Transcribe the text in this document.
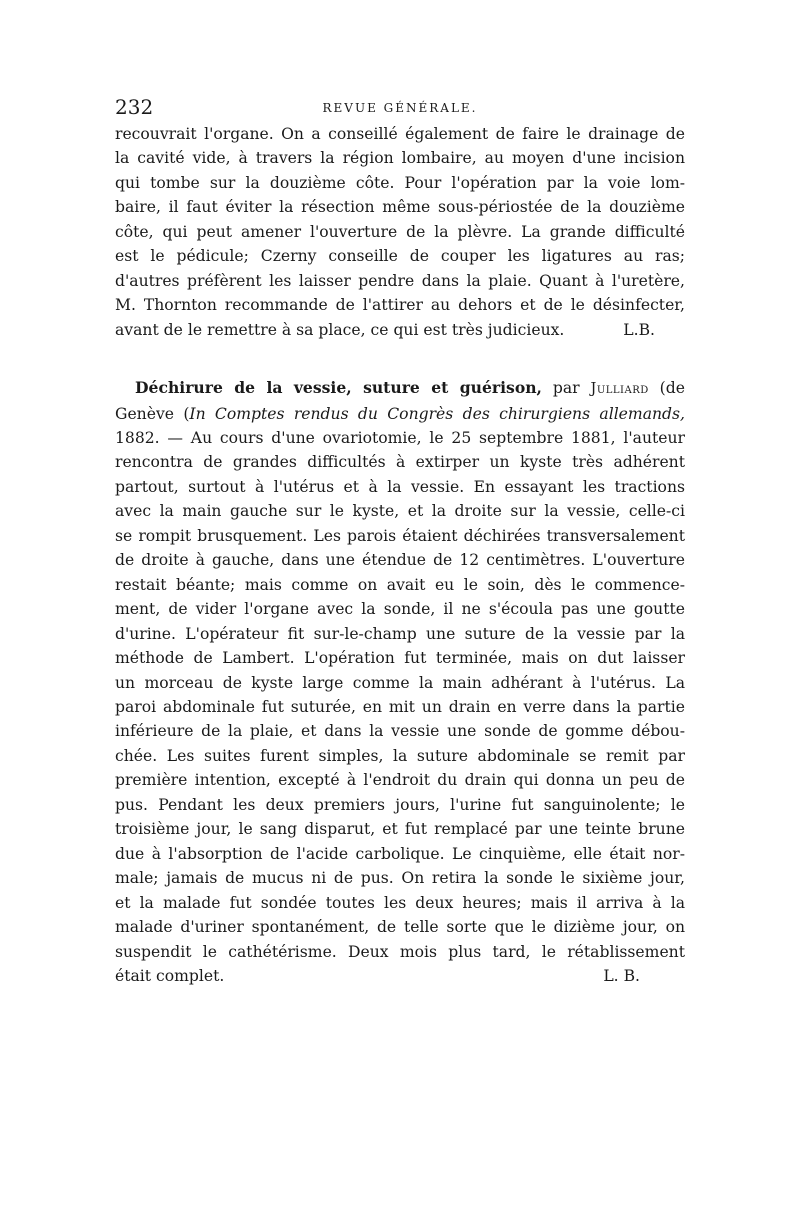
232	REVUE GÉNÉRALE.
recouvrait l'organe. On a conseillé également de faire le drainage de
la cavité vide, à travers la région lombaire, au moyen d'une incision
qui tombe sur la douzième côte. Pour l'opération par la voie lom-
baire, il faut éviter la résection même sous-périostée de la douzième
côte, qui peut amener l'ouverture de la plèvre. La grande difficulté
est le pédicule; Czerny conseille de couper les ligatures au ras;
d'autres préfèrent les laisser pendre dans la plaie. Quant à l'uretère,
M. Thornton recommande de l'attirer au dehors et de le désinfecter,
avant de le remettre à sa place, ce qui est très judicieux.	L.B.
Déchirure de la vessie, suture et guérison, par Julliard (de
Genève (In Comptes rendus du Congrès des chirurgiens allemands,
1882. — Au cours d'une ovariotomie, le 25 septembre 1881, l'auteur
rencontra de grandes difficultés à extirper un kyste très adhérent
partout, surtout à l'utérus et à la vessie. En essayant les tractions
avec la main gauche sur le kyste, et la droite sur la vessie, celle-ci
se rompit brusquement. Les parois étaient déchirées transversalement
de droite à gauche, dans une étendue de 12 centimètres. L'ouverture
restait béante; mais comme on avait eu le soin, dès le commence-
ment, de vider l'organe avec la sonde, il ne s'écoula pas une goutte
d'urine. L'opérateur fit sur-le-champ une suture de la vessie par la
méthode de Lambert. L'opération fut terminée, mais on dut laisser
un morceau de kyste large comme la main adhérant à l'utérus. La
paroi abdominale fut suturée, en mit un drain en verre dans la partie
inférieure de la plaie, et dans la vessie une sonde de gomme débou-
chée. Les suites furent simples, la suture abdominale se remit par
première intention, excepté à l'endroit du drain qui donna un peu de
pus. Pendant les deux premiers jours, l'urine fut sanguinolente; le
troisième jour, le sang disparut, et fut remplacé par une teinte brune
due à l'absorption de l'acide carbolique. Le cinquième, elle était nor-
male; jamais de mucus ni de pus. On retira la sonde le sixième jour,
et la malade fut sondée toutes les deux heures; mais il arriva à la
malade d'uriner spontanément, de telle sorte que le dizième jour, on
suspendit le cathétérisme. Deux mois plus tard, le rétablissement
était complet.	L. B.
